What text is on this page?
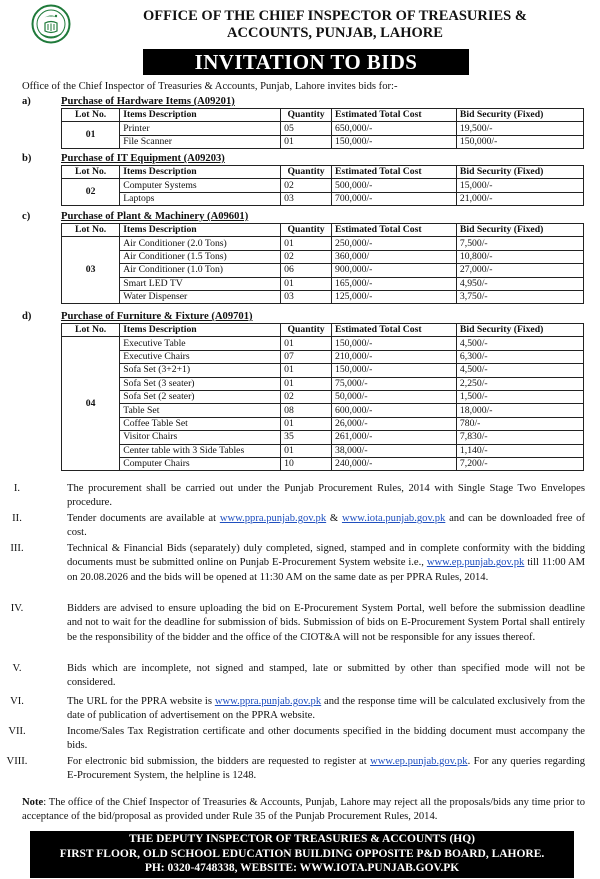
OFFICE OF THE CHIEF INSPECTOR OF TREASURIES &
ACCOUNTS, PUNJAB, LAHORE
INVITATION TO BIDS
Office of the Chief Inspector of Treasuries & Accounts, Punjab, Lahore invites bids for:-
a)	Purchase of Hardware Items (A09201)
Lot No.	Items Description	Quantity	Estimated Total Cost	Bid Security (Fixed)
01	Printer	05	650,000/-	19,500/-
	File Scanner	01	150,000/-	150,000/-
b)	Purchase of IT Equipment (A09203)
Lot No.	Items Description	Quantity	Estimated Total Cost	Bid Security (Fixed)
02	Computer Systems	02	500,000/-	15,000/-
	Laptops	03	700,000/-	21,000/-
c)	Purchase of Plant & Machinery (A09601)
Lot No.	Items Description	Quantity	Estimated Total Cost	Bid Security (Fixed)
03	Air Conditioner (2.0 Tons)	01	250,000/-	7,500/-
	Air Conditioner (1.5 Tons)	02	360,000/	10,800/-
	Air Conditioner (1.0 Ton)	06	900,000/-	27,000/-
	Smart LED TV	01	165,000/-	4,950/-
	Water Dispenser	03	125,000/-	3,750/-
d)	Purchase of Furniture & Fixture (A09701)
Lot No.	Items Description	Quantity	Estimated Total Cost	Bid Security (Fixed)
04	Executive Table	01	150,000/-	4,500/-
	Executive Chairs	07	210,000/-	6,300/-
	Sofa Set (3+2+1)	01	150,000/-	4,500/-
	Sofa Set (3 seater)	01	75,000/-	2,250/-
	Sofa Set (2 seater)	02	50,000/-	1,500/-
	Table Set	08	600,000/-	18,000/-
	Coffee Table Set	01	26,000/-	780/-
	Visitor Chairs	35	261,000/-	7,830/-
	Center table with 3 Side Tables	01	38,000/-	1,140/-
	Computer Chairs	10	240,000/-	7,200/-
I.	The procurement shall be carried out under the Punjab Procurement Rules, 2014 with Single Stage Two Envelopes procedure.
II.	Tender documents are available at www.ppra.punjab.gov.pk & www.iota.punjab.gov.pk and can be downloaded free of cost.
III.	Technical & Financial Bids (separately) duly completed, signed, stamped and in complete conformity with the bidding documents must be submitted online on Punjab E-Procurement System website i.e., www.ep.punjab.gov.pk till 11:00 AM on 20.08.2026 and the bids will be opened at 11:30 AM on the same date as per PPRA Rules, 2014.
IV.	Bidders are advised to ensure uploading the bid on E-Procurement System Portal, well before the submission deadline and not to wait for the deadline for submission of bids. Submission of bids on E-Procurement System Portal shall entirely be the responsibility of the bidder and the office of the CIOT&A will not be responsible for any issues thereof.
V.	Bids which are incomplete, not signed and stamped, late or submitted by other than specified mode will not be considered.
VI.	The URL for the PPRA website is www.ppra.punjab.gov.pk and the response time will be calculated exclusively from the date of publication of advertisement on the PPRA website.
VII.	Income/Sales Tax Registration certificate and other documents specified in the bidding document must accompany the bids.
VIII.	For electronic bid submission, the bidders are requested to register at www.ep.punjab.gov.pk. For any queries regarding E-Procurement System, the helpline is 1248.
Note: The office of the Chief Inspector of Treasuries & Accounts, Punjab, Lahore may reject all the proposals/bids any time prior to acceptance of the bid/proposal as provided under Rule 35 of the Punjab Procurement Rules, 2014.
THE DEPUTY INSPECTOR OF TREASURIES & ACCOUNTS (HQ)
FIRST FLOOR, OLD SCHOOL EDUCATION BUILDING OPPOSITE P&D BOARD, LAHORE.
PH: 0320-4748338, WEBSITE: WWW.IOTA.PUNJAB.GOV.PK
